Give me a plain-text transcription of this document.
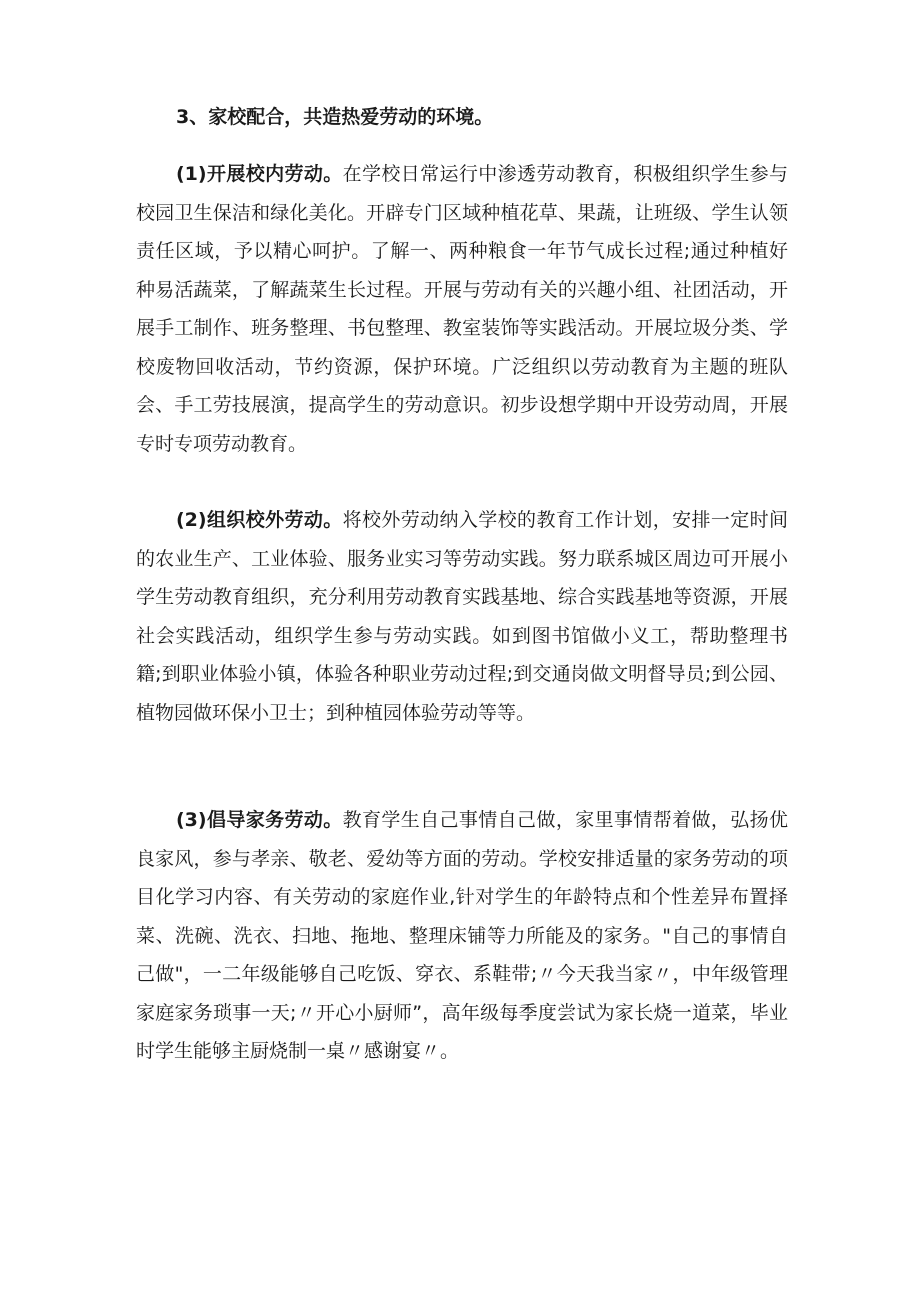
3、家校配合，共造热爱劳动的环境。

(1)开展校内劳动。在学校日常运行中渗透劳动教育，积极组织学生参与校园卫生保洁和绿化美化。开辟专门区域种植花草、果蔬，让班级、学生认领责任区域，予以精心呵护。了解一、两种粮食一年节气成长过程;通过种植好种易活蔬菜，了解蔬菜生长过程。开展与劳动有关的兴趣小组、社团活动，开展手工制作、班务整理、书包整理、教室装饰等实践活动。开展垃圾分类、学校废物回收活动，节约资源，保护环境。广泛组织以劳动教育为主题的班队会、手工劳技展演，提高学生的劳动意识。初步设想学期中开设劳动周，开展专时专项劳动教育。

(2)组织校外劳动。将校外劳动纳入学校的教育工作计划，安排一定时间的农业生产、工业体验、服务业实习等劳动实践。努力联系城区周边可开展小学生劳动教育组织，充分利用劳动教育实践基地、综合实践基地等资源，开展社会实践活动，组织学生参与劳动实践。如到图书馆做小义工，帮助整理书籍;到职业体验小镇，体验各种职业劳动过程;到交通岗做文明督导员;到公园、植物园做环保小卫士；到种植园体验劳动等等。

(3)倡导家务劳动。教育学生自己事情自己做，家里事情帮着做，弘扬优良家风，参与孝亲、敬老、爱幼等方面的劳动。学校安排适量的家务劳动的项目化学习内容、有关劳动的家庭作业,针对学生的年龄特点和个性差异布置择菜、洗碗、洗衣、扫地、拖地、整理床铺等力所能及的家务。"自己的事情自己做"，一二年级能够自己吃饭、穿衣、系鞋带;〃今天我当家〃，中年级管理家庭家务琐事一天;〃开心小厨师”，高年级每季度尝试为家长烧一道菜，毕业时学生能够主厨烧制一桌〃感谢宴〃。
